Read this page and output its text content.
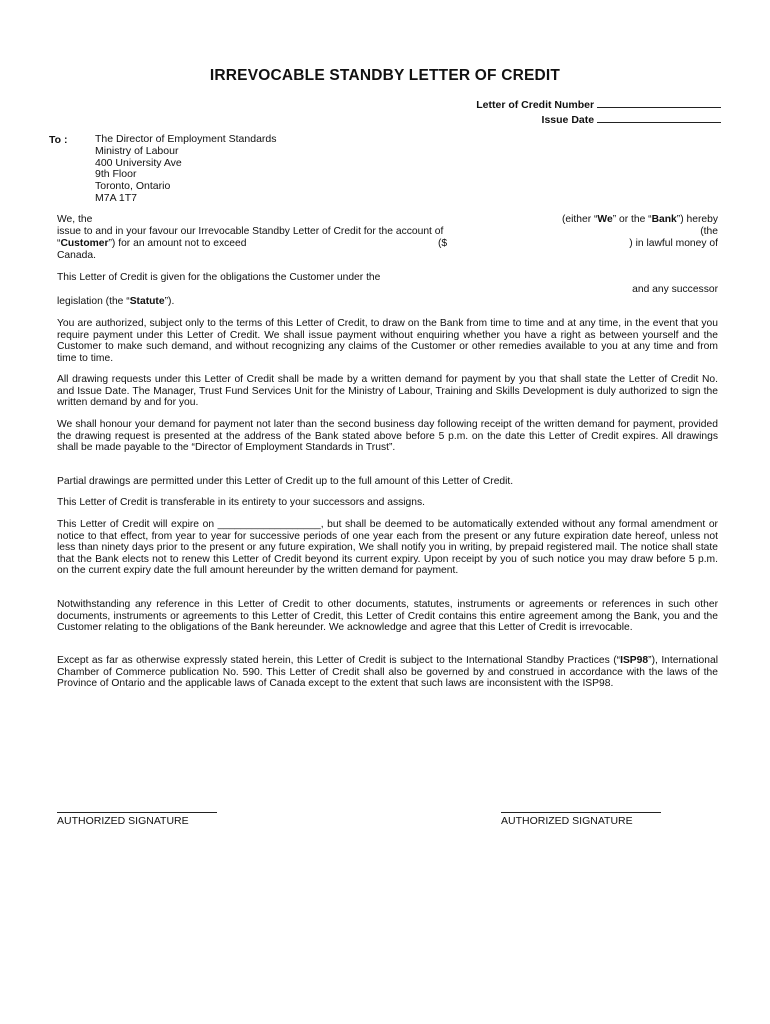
IRREVOCABLE STANDBY LETTER OF CREDIT
Letter of Credit Number
Issue Date
To :	The Director of Employment Standards
Ministry of Labour
400 University Ave
9th Floor
Toronto, Ontario
M7A 1T7
We, the	(either “We” or the “Bank”) hereby
issue to and in your favour our Irrevocable Standby Letter of Credit for the account of	(the
“Customer”) for an amount not to exceed	($	) in lawful money of
Canada.
This Letter of Credit is given for the obligations the Customer under the
and any successor
legislation (the “Statute”).
You are authorized, subject only to the terms of this Letter of Credit, to draw on the Bank from time to time and at any time, in the event that you require payment under this Letter of Credit. We shall issue payment without enquiring whether you have a right as between yourself and the Customer to make such demand, and without recognizing any claims of the Customer or other remedies available to you at any time and from time to time.
All drawing requests under this Letter of Credit shall be made by a written demand for payment by you that shall state the Letter of Credit No. and Issue Date. The Manager, Trust Fund Services Unit for the Ministry of Labour, Training and Skills Development is duly authorized to sign the written demand by and for you.
We shall honour your demand for payment not later than the second business day following receipt of the written demand for payment, provided the drawing request is presented at the address of the Bank stated above before 5 p.m. on the date this Letter of Credit expires. All drawings shall be made payable to the “Director of Employment Standards in Trust”.
Partial drawings are permitted under this Letter of Credit up to the full amount of this Letter of Credit.
This Letter of Credit is transferable in its entirety to your successors and assigns.
This Letter of Credit will expire on __________________, but shall be deemed to be automatically extended without any formal amendment or notice to that effect, from year to year for successive periods of one year each from the present or any future expiration date hereof, unless not less than ninety days prior to the present or any future expiration, We shall notify you in writing, by prepaid registered mail. The notice shall state that the Bank elects not to renew this Letter of Credit beyond its current expiry. Upon receipt by you of such notice you may draw before 5 p.m. on the current expiry date the full amount hereunder by the written demand for payment.
Notwithstanding any reference in this Letter of Credit to other documents, statutes, instruments or agreements or references in such other documents, instruments or agreements to this Letter of Credit, this Letter of Credit contains this entire agreement among the Bank, you and the Customer relating to the obligations of the Bank hereunder. We acknowledge and agree that this Letter of Credit is irrevocable.
Except as far as otherwise expressly stated herein, this Letter of Credit is subject to the International Standby Practices (“ISP98”), International Chamber of Commerce publication No. 590. This Letter of Credit shall also be governed by and construed in accordance with the laws of the Province of Ontario and the applicable laws of Canada except to the extent that such laws are inconsistent with the ISP98.
AUTHORIZED SIGNATURE	AUTHORIZED SIGNATURE
